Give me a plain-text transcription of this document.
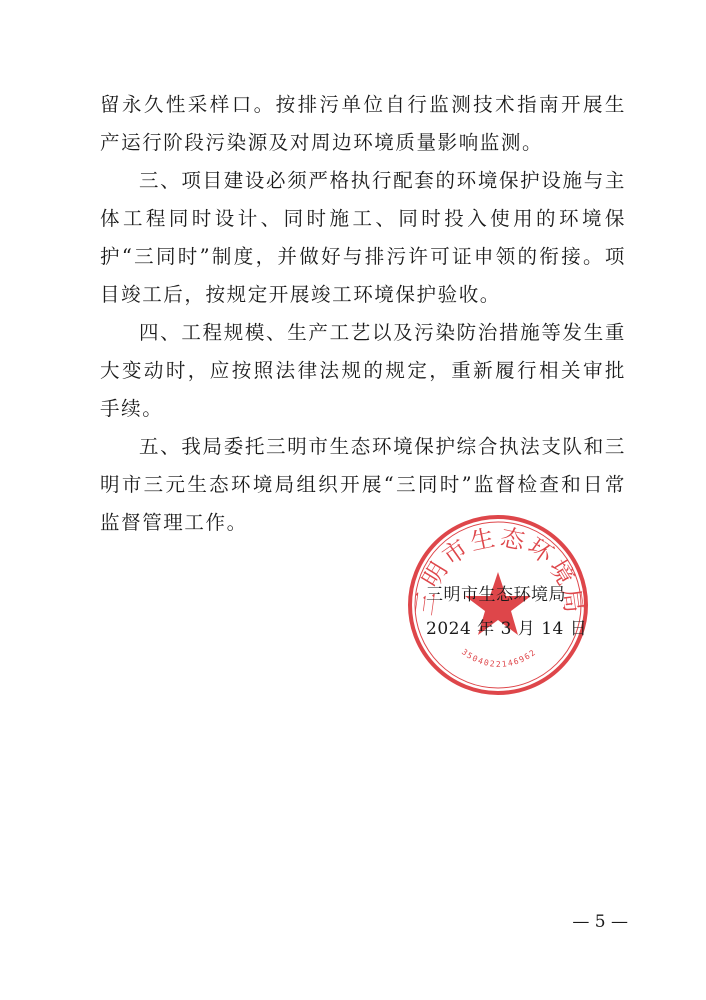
留永久性采样口。按排污单位自行监测技术指南开展生产运行阶段污染源及对周边环境质量影响监测。

三、项目建设必须严格执行配套的环境保护设施与主体工程同时设计、同时施工、同时投入使用的环境保护“三同时”制度，并做好与排污许可证申领的衔接。项目竣工后，按规定开展竣工环境保护验收。

四、工程规模、生产工艺以及污染防治措施等发生重大变动时，应按照法律法规的规定，重新履行相关审批手续。

五、我局委托三明市生态环境保护综合执法支队和三明市三元生态环境局组织开展“三同时”监督检查和日常监督管理工作。

三明市生态环境局
3504022146962
三明市生态环境局
2024 年 3 月 14 日
— 5 —
